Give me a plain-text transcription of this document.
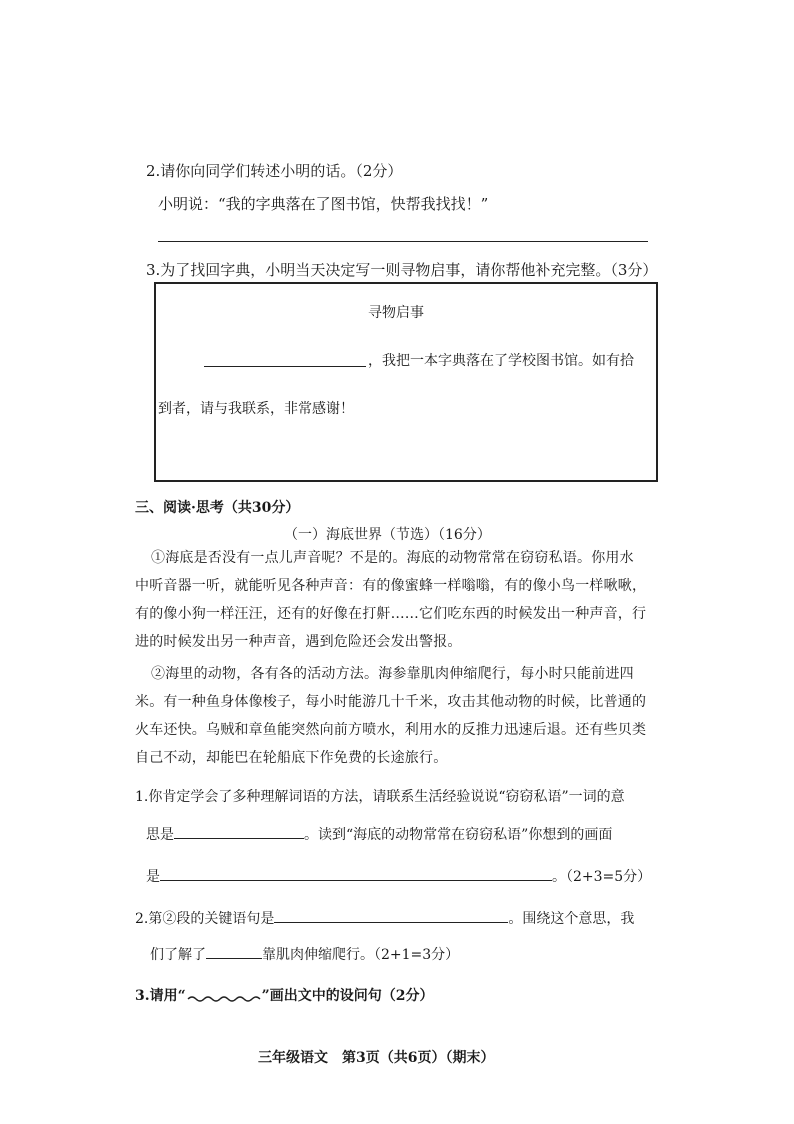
2.请你向同学们转述小明的话。（2分）
小明说：“我的字典落在了图书馆，快帮我找找！”
3.为了找回字典，小明当天决定写一则寻物启事，请你帮他补充完整。（3分）
寻物启事
，我把一本字典落在了学校图书馆。如有拾
到者，请与我联系，非常感谢！
三、阅读·思考（共30分）
（一）海底世界（节选）（16分）
①海底是否没有一点儿声音呢？不是的。海底的动物常常在窃窃私语。你用水
中听音器一听，就能听见各种声音：有的像蜜蜂一样嗡嗡，有的像小鸟一样啾啾，
有的像小狗一样汪汪，还有的好像在打鼾……它们吃东西的时候发出一种声音，行
进的时候发出另一种声音，遇到危险还会发出警报。
②海里的动物，各有各的活动方法。海参靠肌肉伸缩爬行，每小时只能前进四
米。有一种鱼身体像梭子，每小时能游几十千米，攻击其他动物的时候，比普通的
火车还快。乌贼和章鱼能突然向前方喷水，利用水的反推力迅速后退。还有些贝类
自己不动，却能巴在轮船底下作免费的长途旅行。
1.你肯定学会了多种理解词语的方法，请联系生活经验说说“窃窃私语”一词的意
思是	。读到“海底的动物常常在窃窃私语”你想到的画面
是	。（2+3=5分）
2.第②段的关键语句是	。围绕这个意思，我
们了解了	靠肌肉伸缩爬行。（2+1=3分）
3.请用“	”画出文中的设问句（2分）
三年级语文　第3页（共6页）（期末）
